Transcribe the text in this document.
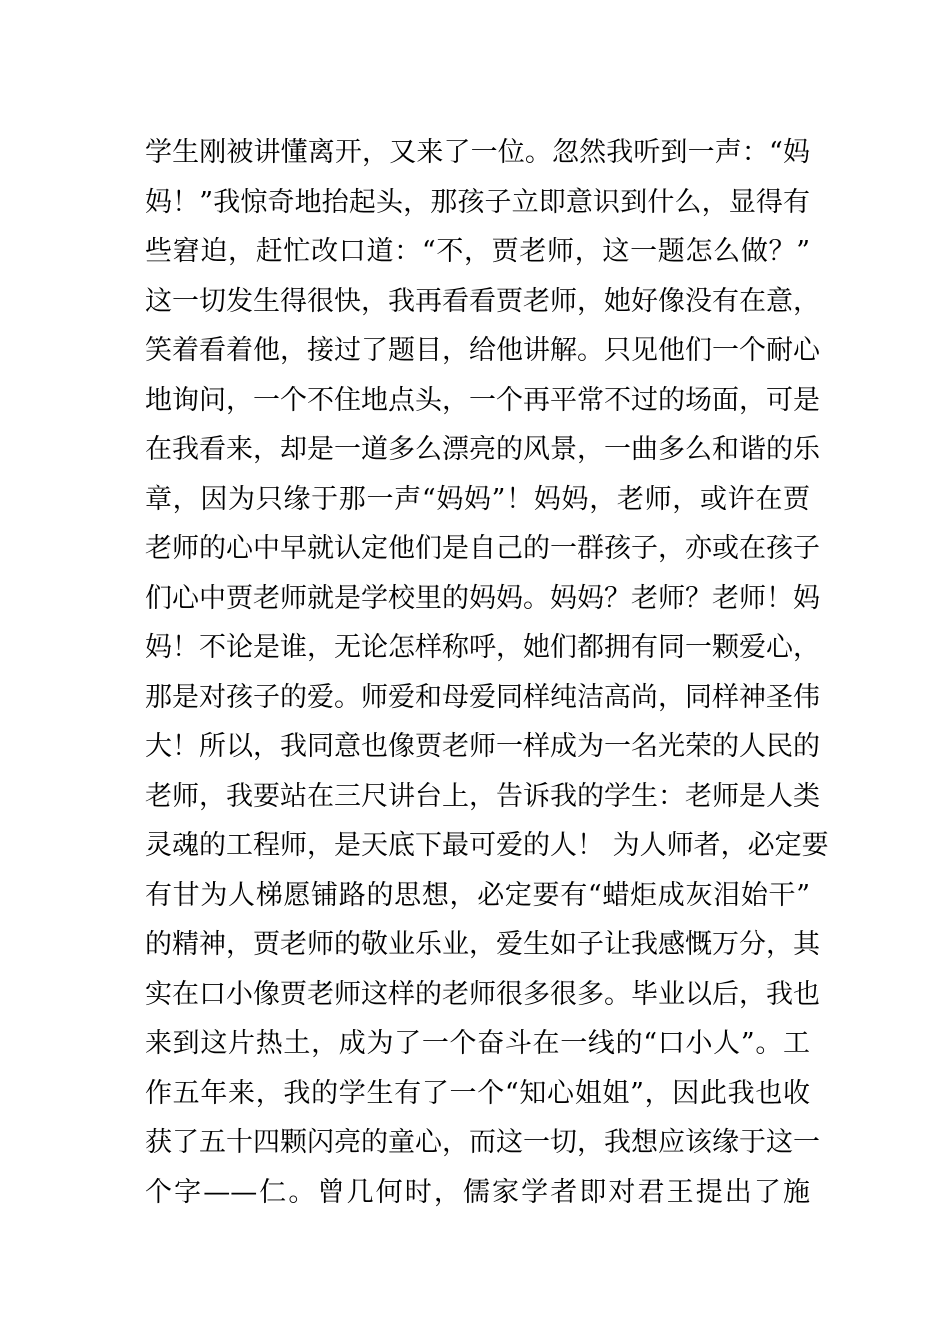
学生刚被讲懂离开，又来了一位。忽然我听到一声：“妈
妈！”我惊奇地抬起头，那孩子立即意识到什么，显得有
些窘迫，赶忙改口道：“不，贾老师，这一题怎么做？”
这一切发生得很快，我再看看贾老师，她好像没有在意，
笑着看着他，接过了题目，给他讲解。只见他们一个耐心
地询问，一个不住地点头，一个再平常不过的场面，可是
在我看来，却是一道多么漂亮的风景，一曲多么和谐的乐
章，因为只缘于那一声“妈妈”！妈妈，老师，或许在贾
老师的心中早就认定他们是自己的一群孩子，亦或在孩子
们心中贾老师就是学校里的妈妈。妈妈？老师？老师！妈
妈！不论是谁，无论怎样称呼，她们都拥有同一颗爱心，
那是对孩子的爱。师爱和母爱同样纯洁高尚，同样神圣伟
大！所以，我同意也像贾老师一样成为一名光荣的人民的
老师，我要站在三尺讲台上，告诉我的学生：老师是人类
灵魂的工程师，是天底下最可爱的人！ 为人师者，必定要
有甘为人梯愿铺路的思想，必定要有“蜡炬成灰泪始干”
的精神，贾老师的敬业乐业，爱生如子让我感慨万分，其
实在口小像贾老师这样的老师很多很多。毕业以后，我也
来到这片热土，成为了一个奋斗在一线的“口小人”。工
作五年来，我的学生有了一个“知心姐姐”，因此我也收
获了五十四颗闪亮的童心，而这一切，我想应该缘于这一
个字——仁。曾几何时，儒家学者即对君王提出了施
